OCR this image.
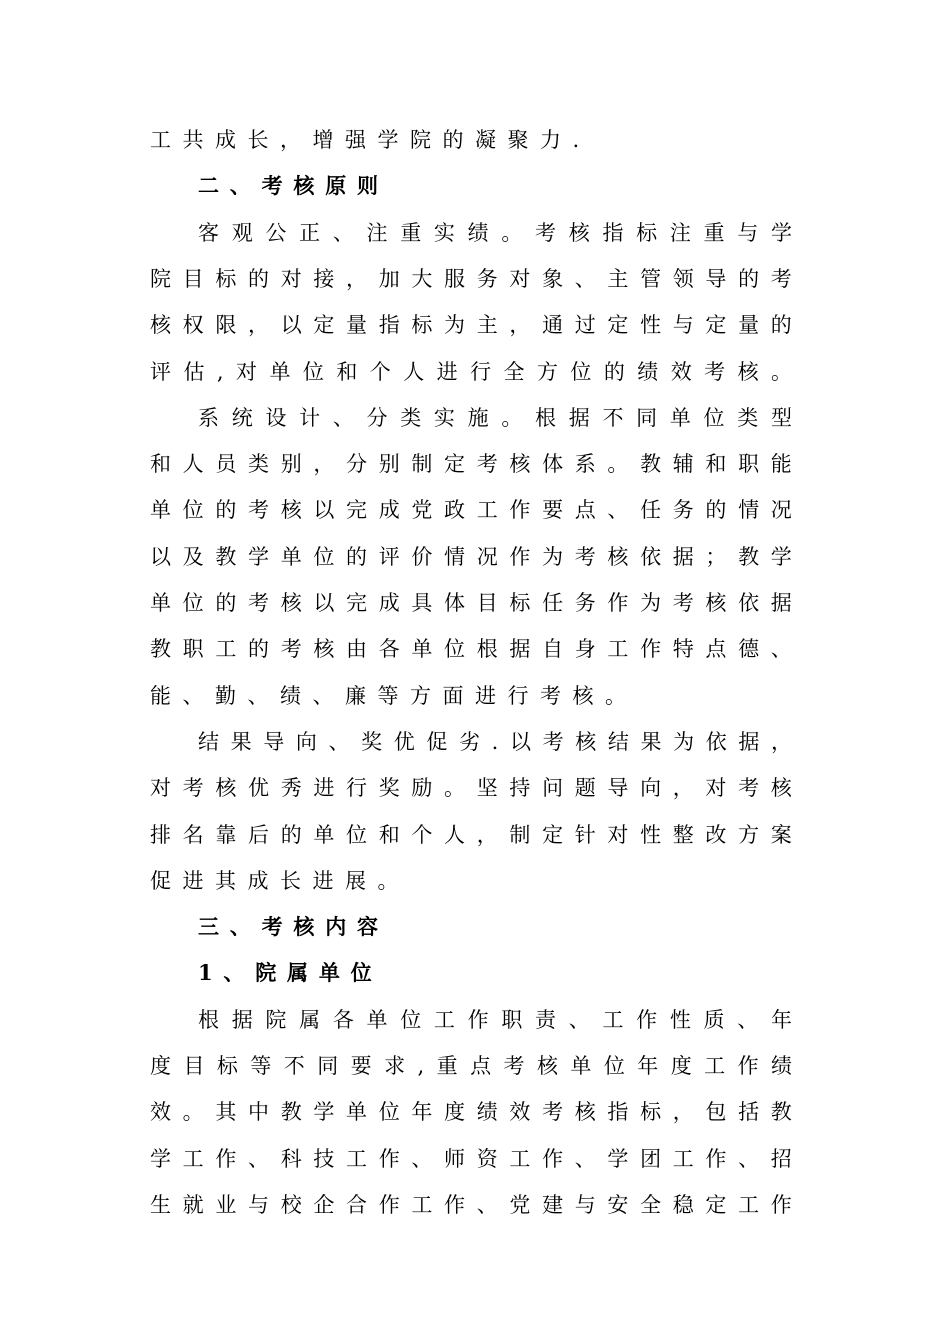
工 共 成 长 ， 增 强 学 院 的 凝 聚 力 .
二 、 考 核 原 则
客 观 公 正 、 注 重 实 绩 。 考 核 指 标 注 重 与 学
院 目 标 的 对 接 ， 加 大 服 务 对 象 、 主 管 领 导 的 考
核 权 限 ， 以 定 量 指 标 为 主 ， 通 过 定 性 与 定 量 的
评 估 , 对 单 位 和 个 人 进 行 全 方 位 的 绩 效 考 核 。
系 统 设 计 、 分 类 实 施 。 根 据 不 同 单 位 类 型
和 人 员 类 别 ， 分 别 制 定 考 核 体 系 。 教 辅 和 职 能
单 位 的 考 核 以 完 成 党 政 工 作 要 点 、 任 务 的 情 况
以 及 教 学 单 位 的 评 价 情 况 作 为 考 核 依 据 ； 教 学
单 位 的 考 核 以 完 成 具 体 目 标 任 务 作 为 考 核 依 据
教 职 工 的 考 核 由 各 单 位 根 据 自 身 工 作 特 点 德 、
能 、 勤 、 绩 、 廉 等 方 面 进 行 考 核 。
结 果 导 向 、 奖 优 促 劣 . 以 考 核 结 果 为 依 据 ，
对 考 核 优 秀 进 行 奖 励 。 坚 持 问 题 导 向 ， 对 考 核
排 名 靠 后 的 单 位 和 个 人 ， 制 定 针 对 性 整 改 方 案
促 进 其 成 长 进 展 。
三 、 考 核 内 容
1 、 院 属 单 位
根 据 院 属 各 单 位 工 作 职 责 、 工 作 性 质 、 年
度 目 标 等 不 同 要 求 , 重 点 考 核 单 位 年 度 工 作 绩
效 。 其 中 教 学 单 位 年 度 绩 效 考 核 指 标 ， 包 括 教
学 工 作 、 科 技 工 作 、 师 资 工 作 、 学 团 工 作 、 招
生 就 业 与 校 企 合 作 工 作 、 党 建 与 安 全 稳 定 工 作
